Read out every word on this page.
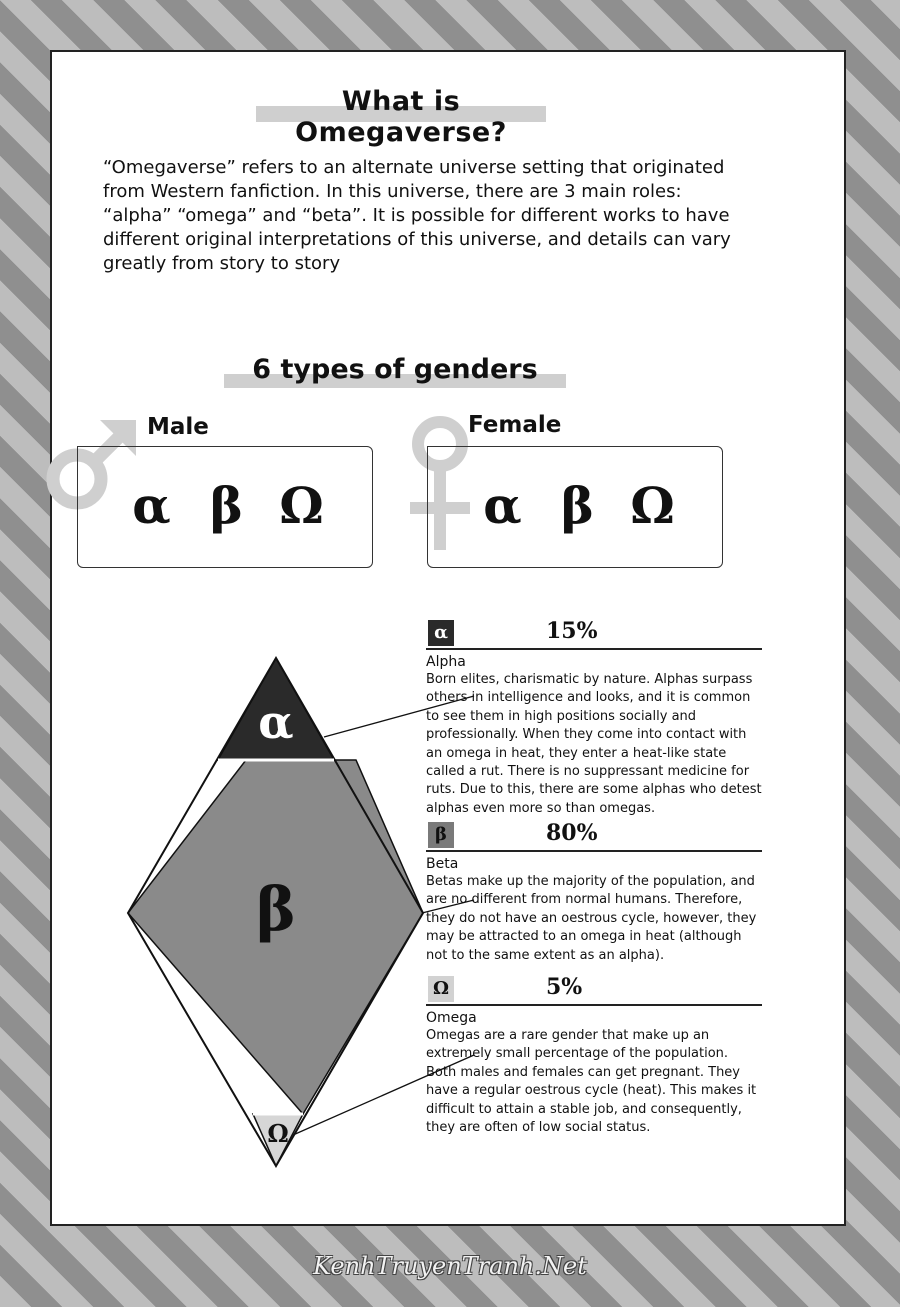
What is Omegaverse?

“Omegaverse” refers to an alternate universe setting that originated from Western fanfiction. In this universe, there are 3 main roles: “alpha” “omega” and “beta”. It is possible for different works to have different original interpretations of this universe, and details can vary greatly from story to story

6 types of genders
Male
α β Ω
Female
α β Ω
α
β
Ω
α	15%
Alpha

Born elites, charismatic by nature. Alphas surpass others in intelligence and looks, and it is common to see them in high positions socially and professionally. When they come into contact with an omega in heat, they enter a heat-like state called a rut. There is no suppressant medicine for ruts. Due to this, there are some alphas who detest alphas even more so than omegas.

β	80%
Beta

Betas make up the majority of the population, and are no different from normal humans. Therefore, they do not have an oestrous cycle, however, they may be attracted to an omega in heat (although not to the same extent as an alpha).

Ω	5%
Omega

Omegas are a rare gender that make up an extremely small percentage of the population. Both males and females can get pregnant. They have a regular oestrous cycle (heat). This makes it difficult to attain a stable job, and consequently, they are often of low social status.

KenhTruyenTranh.Net
